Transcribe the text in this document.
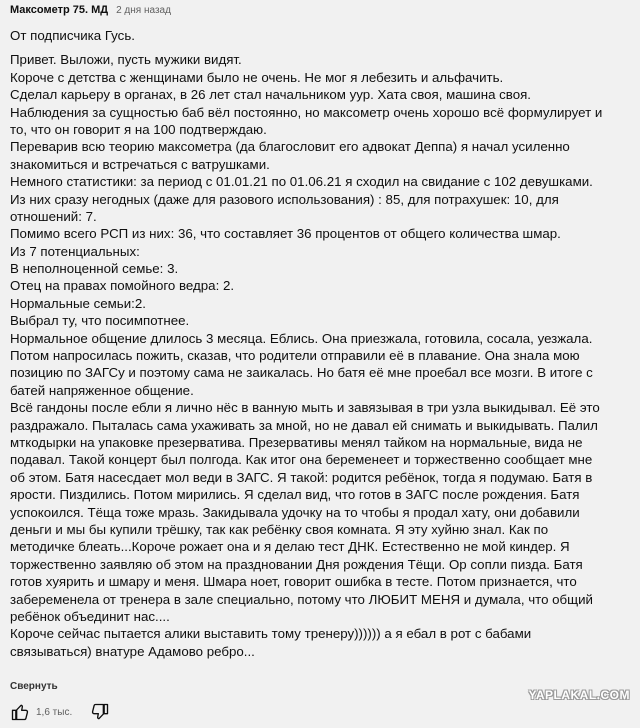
Максометр 75. МД 2 дня назад
От подписчика Гусь.
Привет. Выложи, пусть мужики видят.
Короче с детства с женщинами было не очень. Не мог я лебезить и альфачить.
Сделал карьеру в органах, в 26 лет стал начальником уур. Хата своя, машина своя.
Наблюдения за сущностью баб вёл постоянно, но максометр очень хорошо всё формулирует и
то, что он говорит я на 100 подтверждаю.
Переварив всю теорию максометра (да благословит его адвокат Деппа) я начал усиленно
знакомиться и встречаться с ватрушками.
Немного статистики: за период с 01.01.21 по 01.06.21 я сходил на свидание с 102 девушками.
Из них сразу негодных (даже для разового использования) : 85, для потрахушек: 10, для
отношений: 7.
Помимо всего РСП из них: 36, что составляет 36 процентов от общего количества шмар.
Из 7 потенциальных:
В неполноценной семье: 3.
Отец на правах помойного ведра: 2.
Нормальные семьи:2.
Выбрал ту, что посимпотнее.
Нормальное общение длилось 3 месяца. Еблись. Она приезжала, готовила, сосала, уезжала.
Потом напросилась пожить, сказав, что родители отправили её в плавание. Она знала мою
позицию по ЗАГСу и поэтому сама не заикалась. Но батя её мне проебал все мозги. В итоге с
батей напряженное общение.
Всё гандоны после ебли я лично нёс в ванную мыть и завязывая в три узла выкидывал. Её это
раздражало. Пыталась сама ухаживать за мной, но не давал ей снимать и выкидывать. Палил
мткодырки на упаковке презерватива. Презервативы менял тайком на нормальные, вида не
подавал. Такой концерт был полгода. Как итог она беременеет и торжественно сообщает мне
об этом. Батя насесдает мол веди в ЗАГС. Я такой: родится ребёнок, тогда я подумаю. Батя в
ярости. Пиздились. Потом мирились. Я сделал вид, что готов в ЗАГС после рождения. Батя
успокоился. Тёща тоже мразь. Закидывала удочку на то чтобы я продал хату, они добавили
деньги и мы бы купили трёшку, так как ребёнку своя комната. Я эту хуйню знал. Как по
методичке блеать...Короче рожает она и я делаю тест ДНК. Естественно не мой киндер. Я
торжественно заявляю об этом на праздновании Дня рождения Тёщи. Ор сопли пизда. Батя
готов хуярить и шмару и меня. Шмара ноет, говорит ошибка в тесте. Потом признается, что
забеременела от тренера в зале специально, потому что ЛЮБИТ МЕНЯ и думала, что общий
ребёнок объединит нас....
Короче сейчас пытается алики выставить тому тренеру)))))) а я ебал в рот с бабами
связываться) внатуре Адамово ребро...
Свернуть
1,6 тыс.
YAPLAKAL.COM
